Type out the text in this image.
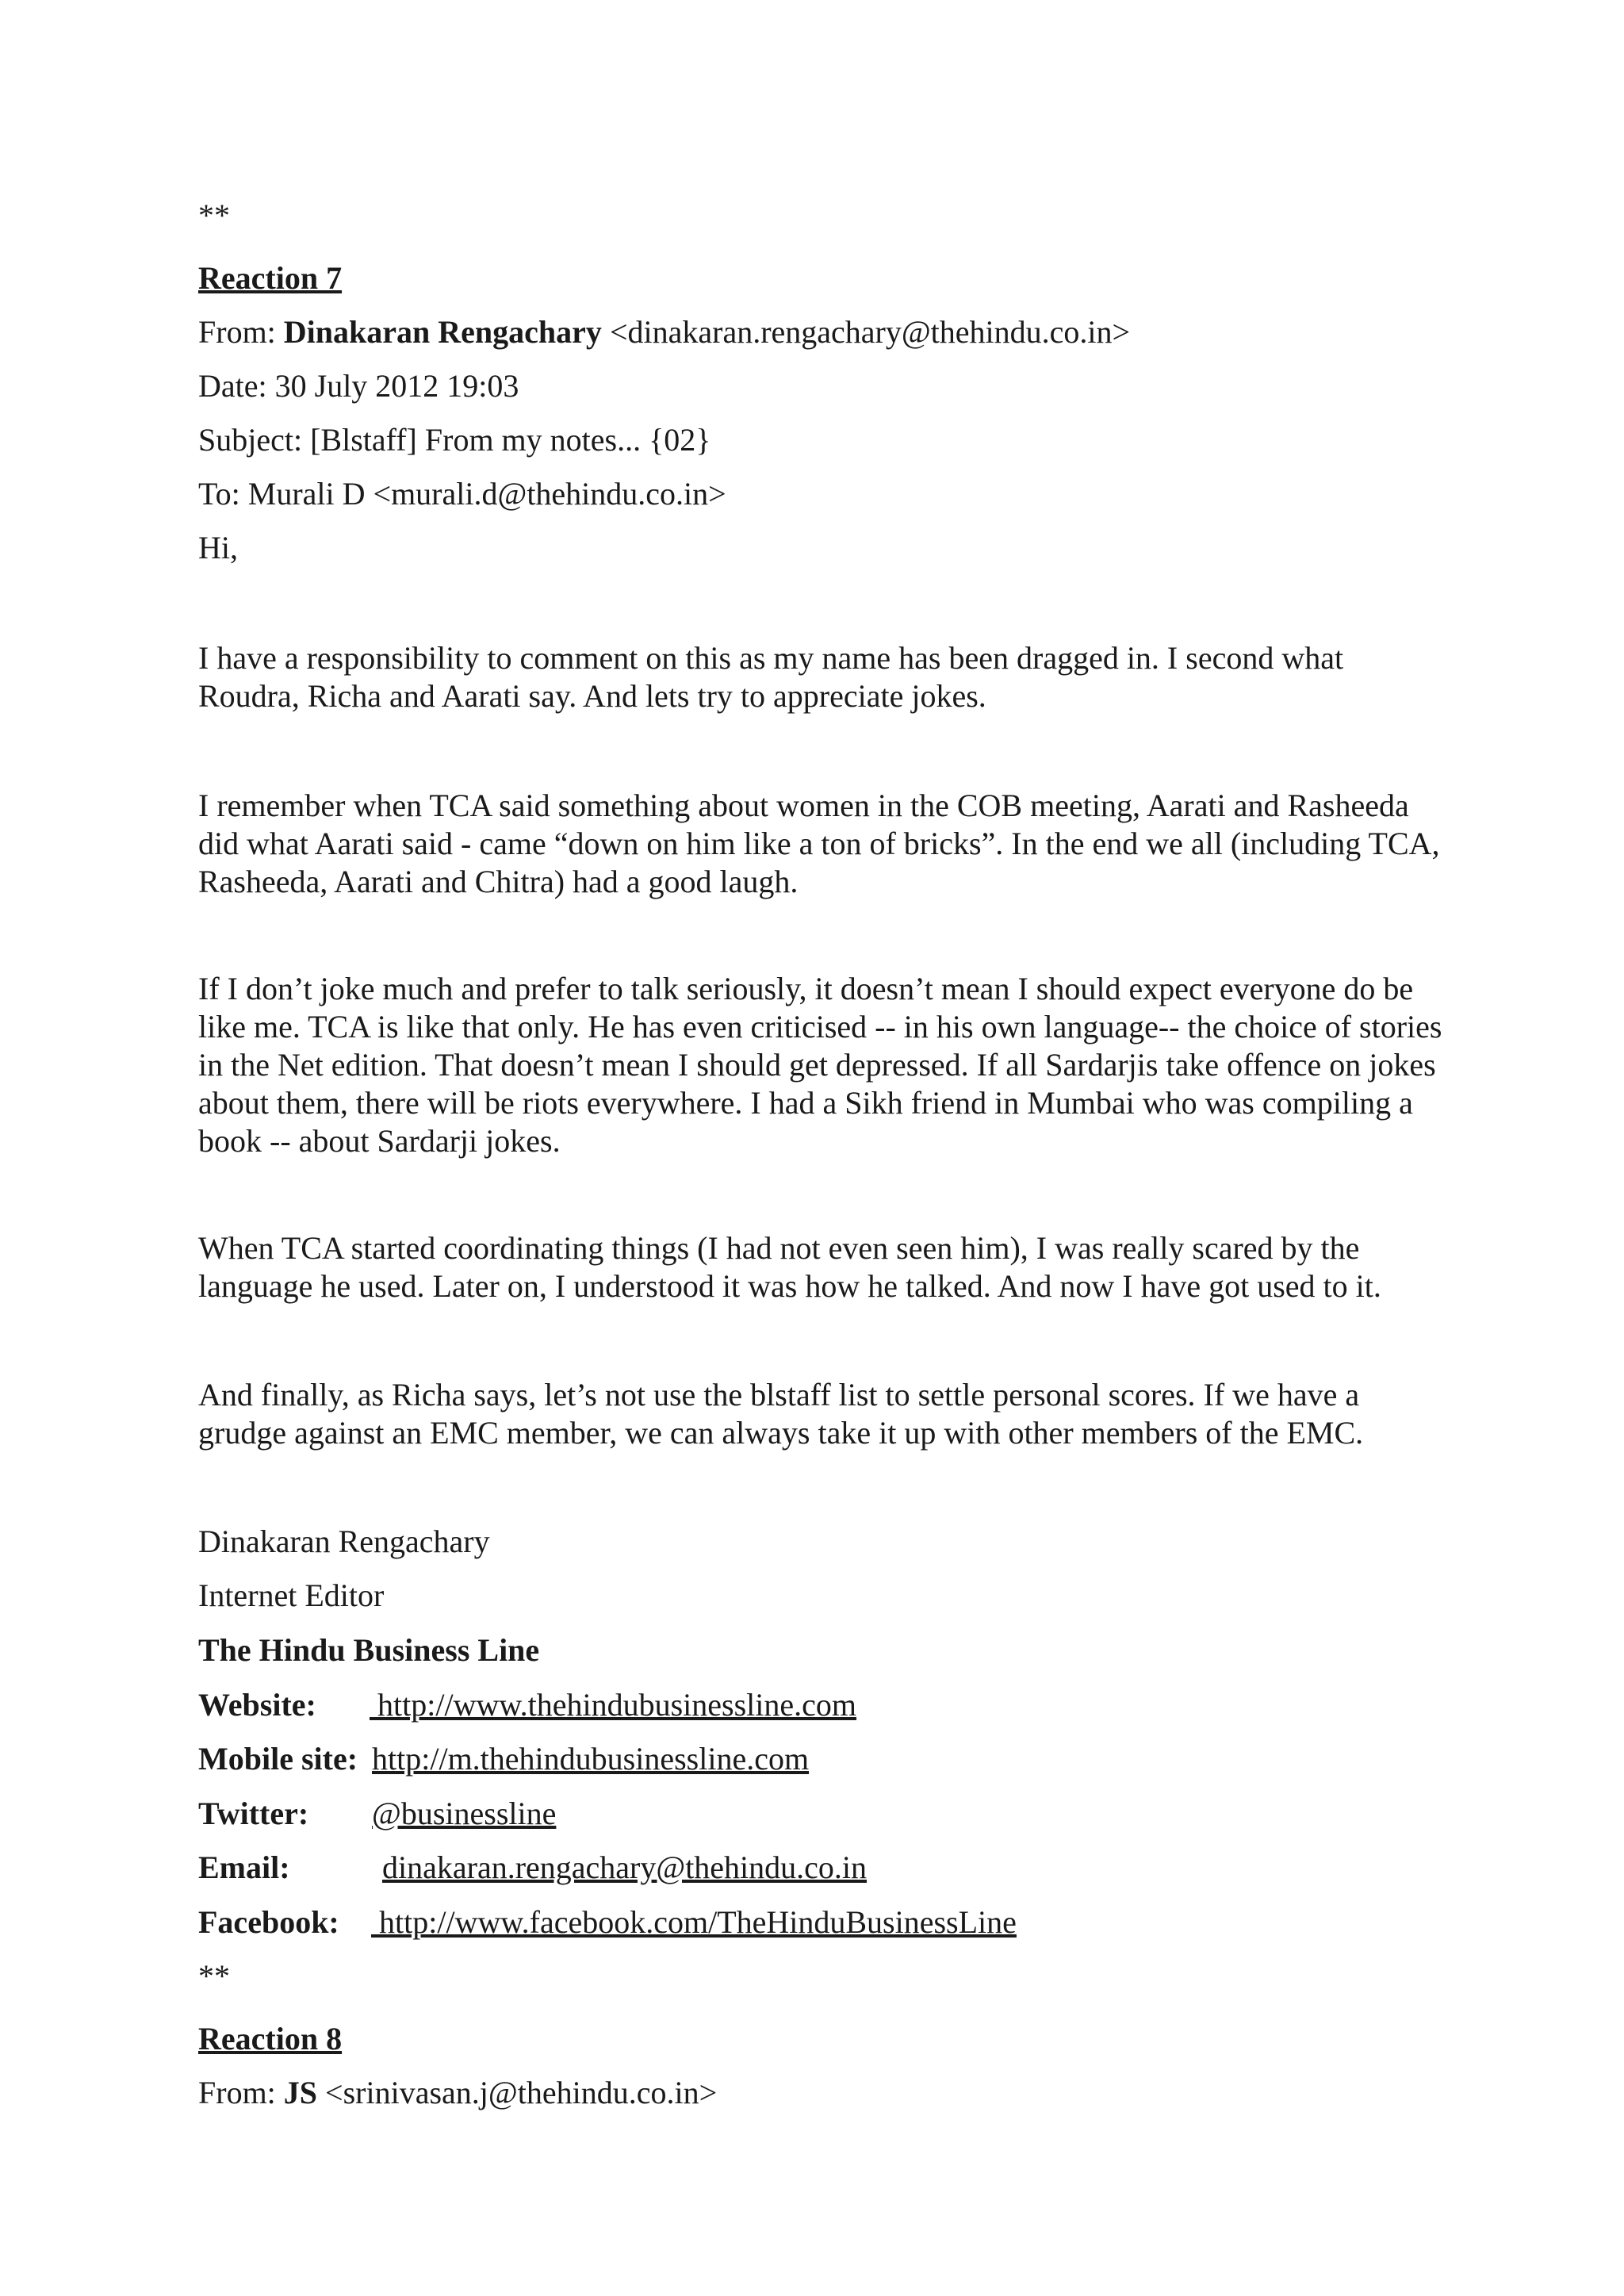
**
Reaction 7
From: Dinakaran Rengachary <dinakaran.rengachary@thehindu.co.in>
Date: 30 July 2012 19:03
Subject: [Blstaff] From my notes... {02}
To: Murali D <murali.d@thehindu.co.in>
Hi,
I have a responsibility to comment on this as my name has been dragged in. I second what Roudra, Richa and Aarati say. And lets try to appreciate jokes.
I remember when TCA said something about women in the COB meeting, Aarati and Rasheeda did what Aarati said - came “down on him like a ton of bricks”. In the end we all (including TCA, Rasheeda, Aarati and Chitra) had a good laugh.
If I don’t joke much and prefer to talk seriously, it doesn’t mean I should expect everyone do be like me. TCA is like that only. He has even criticised -- in his own language-- the choice of stories in the Net edition. That doesn’t mean I should get depressed. If all Sardarjis take offence on jokes about them, there will be riots everywhere. I had a Sikh friend in Mumbai who was compiling a book -- about Sardarji jokes.
When TCA started coordinating things (I had not even seen him), I was really scared by the language he used. Later on, I understood it was how he talked. And now I have got used to it.
And finally, as Richa says, let’s not use the blstaff list to settle personal scores. If we have a grudge against an EMC member, we can always take it up with other members of the EMC.
Dinakaran Rengachary
Internet Editor
The Hindu Business Line
Website: http://www.thehindubusinessline.com
Mobile site: http://m.thehindubusinessline.com
Twitter: @businessline
Email:	dinakaran.rengachary@thehindu.co.in
Facebook: http://www.facebook.com/TheHinduBusinessLine
**
Reaction 8
From: JS <srinivasan.j@thehindu.co.in>
